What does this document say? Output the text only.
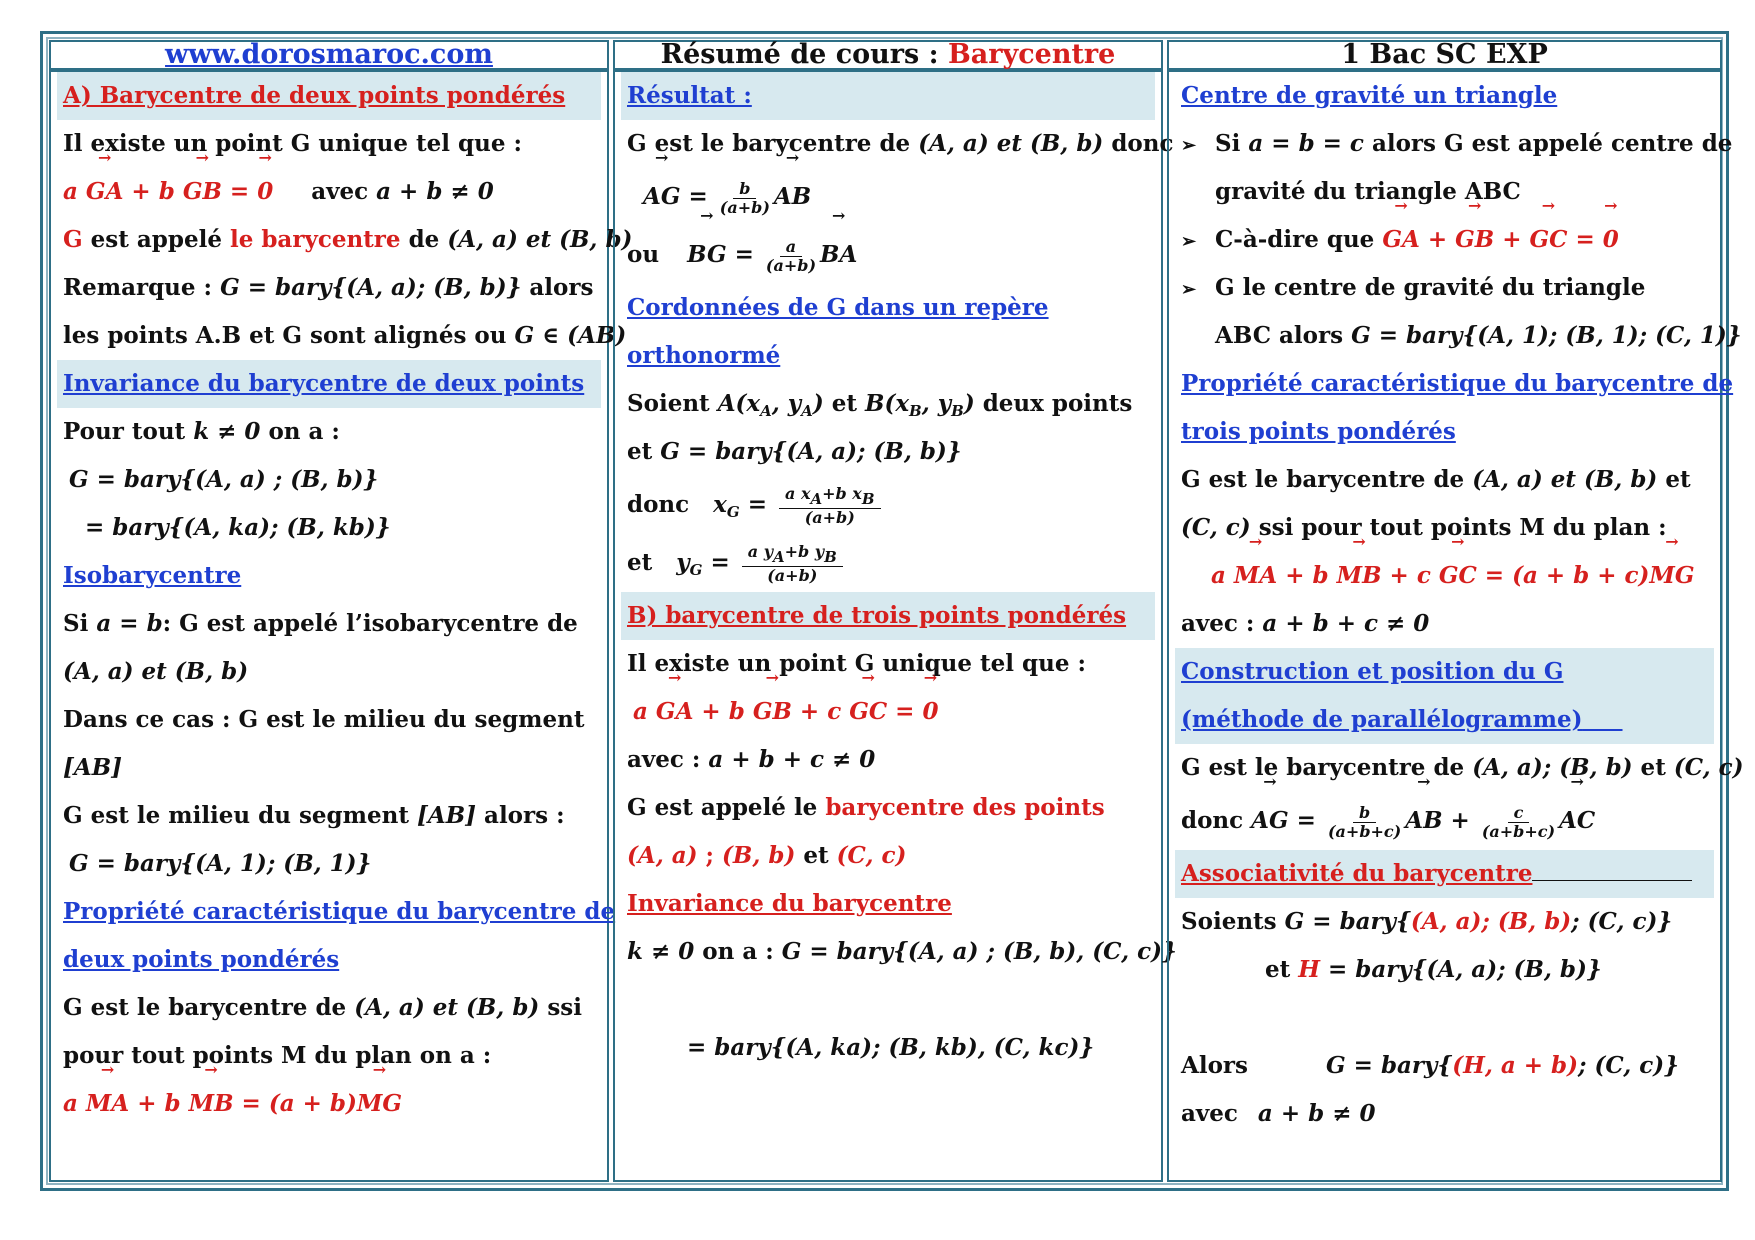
www.dorosmaroc.com	Résumé de cours : Barycentre	1 Bac SC EXP
A) Barycentre de deux points pondérés
Il existe un point G unique tel que :
a → GA + b → GB = → 0 avec a + b ≠ 0
G est appelé le barycentre de (A, a) et (B, b)
Remarque : G = bary{(A, a); (B, b)} alors
les points A.B et G sont alignés ou G ∈ (AB)
Invariance du barycentre de deux points
Pour tout k ≠ 0 on a :
G = bary{(A, a) ; (B, b)}
= bary{(A, ka); (B, kb)}
Isobarycentre
Si a = b: G est appelé l’isobarycentre de
(A, a) et (B, b)
Dans ce cas : G est le milieu du segment
[AB]
G est le milieu du segment [AB] alors :
G = bary{(A, 1); (B, 1)}
Propriété caractéristique du barycentre de
deux points pondérés
G est le barycentre de (A, a) et (B, b) ssi
pour tout points M du plan on a :
a → MA + b → MB = (a + b)→ MG
Résultat :
G est le barycentre de (A, a) et (B, b) donc
→ AG = $\frac{b}{(a+b)}$ → AB
ou → BG = $\frac{a}{(a+b)}$ → BA
Cordonnées de G dans un repère
orthonormé
Soient $A(x_A$, $y_A$) et $B(x_B$, $y_B$) deux points
et G = bary{(A, a); (B, b)}
donc $x_G = \frac{\text{a xA+b xB}}{(a+b)}$
et $y_G = \frac{\text{a yA+b yB}}{(a+b)}$
B) barycentre de trois points pondérés
Il existe un point G unique tel que :
a → GA + b → GB + c → GC = → 0
avec : a + b + c ≠ 0
G est appelé le barycentre des points
(A, a) ; (B, b) et (C, c)
Invariance du barycentre
k ≠ 0 on a : G = bary{(A, a) ; (B, b), (C, c)}
= bary{(A, ka); (B, kb), (C, kc)}
Centre de gravité un triangle
➢ Si a = b = c alors G est appelé centre de
gravité du triangle ABC
➢ C-à-dire que → GA + → GB + → GC = → 0
➢ G le centre de gravité du triangle
ABC alors G = bary{(A, 1); (B, 1); (C, 1)}
Propriété caractéristique du barycentre de
trois points pondérés
G est le barycentre de (A, a) et (B, b) et
(C, c) ssi pour tout points M du plan :
a → MA + b → MB + c → GC = (a + b + c)→ MG
avec : a + b + c ≠ 0
Construction et position du G
(méthode de parallélogramme)
G est le barycentre de (A, a); (B, b) et (C, c)
donc → AG = $\frac{b}{(a+b+c)}$ → AB + $\frac{c}{(a+b+c)}$ → AC
Associativité du barycentre
Soients G = bary{(A, a); (B, b); (C, c)}
et H = bary{(A, a); (B, b)}
Alors	G = bary{(H, a + b); (C, c)}
avec a + b ≠ 0
